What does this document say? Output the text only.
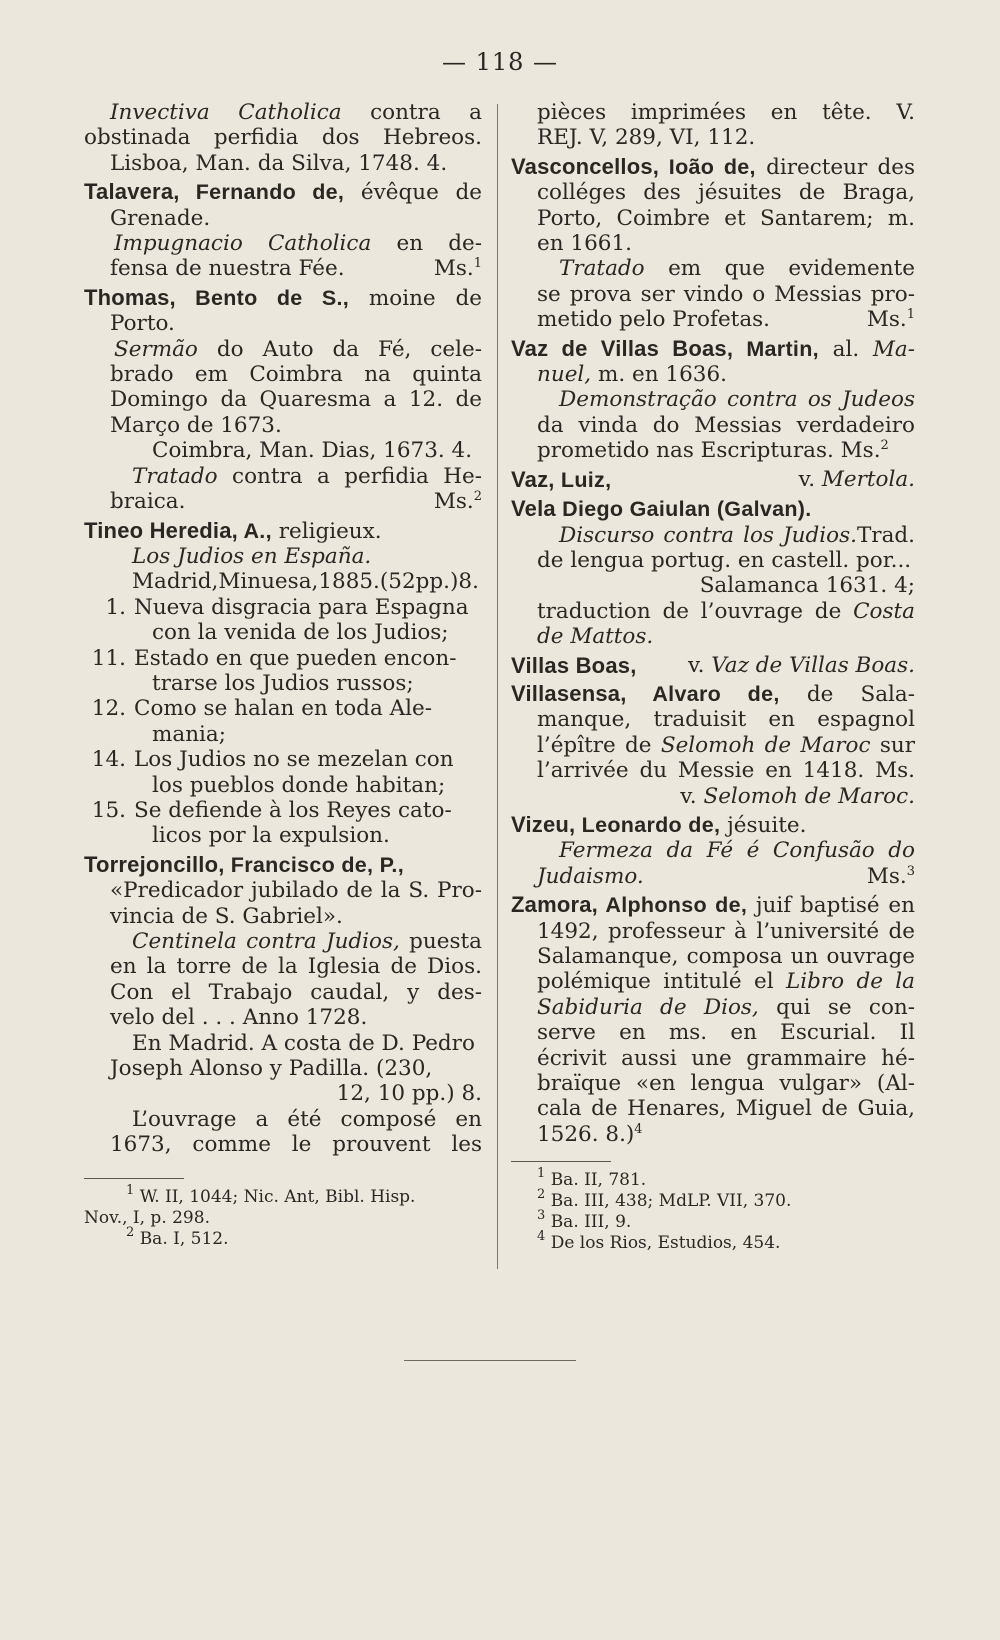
— 118 —
Invectiva Catholica contra a
obstinada perfidia dos Hebreos.
Lisboa, Man. da Silva, 1748. 4.
Talavera, Fernando de, évêque de
Grenade.
Impugnacio Catholica en de-
fensa de nuestra Fée.	Ms.$^1$
Thomas, Bento de S., moine de
Porto.
Sermão do Auto da Fé, cele-
brado em Coimbra na quinta
Domingo da Quaresma a 12. de
Março de 1673.
Coimbra, Man. Dias, 1673. 4.
Tratado contra a perfidia He-
braica.	Ms.$^2$
Tineo Heredia, A., religieux.
Los Judios en España.
Madrid,Minuesa,1885.(52pp.)8.
1. Nueva disgracia para Espagna
con la venida de los Judios;
11. Estado en que pueden encon-
trarse los Judios russos;
12. Como se halan en toda Ale-
mania;
14. Los Judios no se mezelan con
los pueblos donde habitan;
15. Se defiende à los Reyes cato-
licos por la expulsion.
Torrejoncillo, Francisco de, P.,
«Predicador jubilado de la S. Pro-
vincia de S. Gabriel».
Centinela contra Judios, puesta
en la torre de la Iglesia de Dios.
Con el Trabajo caudal, y des-
velo del . . . Anno 1728.
En Madrid. A costa de D. Pedro
Joseph Alonso y Padilla. (230,
12, 10 pp.) 8.
L’ouvrage a été composé en
1673, comme le prouvent les
$^1$ W. II, 1044; Nic. Ant, Bibl. Hisp.
Nov., I, p. 298.
$^2$ Ba. I, 512.
pièces imprimées en tête. V.
REJ. V, 289, VI, 112.
Vasconcellos, Ioão de, directeur des
colléges des jésuites de Braga,
Porto, Coimbre et Santarem; m.
en 1661.
Tratado em que evidemente
se prova ser vindo o Messias pro-
metido pelo Profetas.	Ms.$^1$
Vaz de Villas Boas, Martin, al. Ma-
nuel, m. en 1636.
Demonstração contra os Judeos
da vinda do Messias verdadeiro
prometido nas Escripturas. Ms.$^2$
Vaz, Luiz,	v. Mertola.
Vela Diego Gaiulan (Galvan).
Discurso contra los Judios.Trad.
de lengua portug. en castell. por...
Salamanca 1631. 4;
traduction de l’ouvrage de Costa
de Mattos.
Villas Boas, v. Vaz de Villas Boas.
Villasensa, Alvaro de, de Sala-
manque, traduisit en espagnol
l’épître de Selomoh de Maroc sur
l’arrivée du Messie en 1418. Ms.
v. Selomoh de Maroc.
Vizeu, Leonardo de, jésuite.
Fermeza da Fé é Confusão do
Judaismo.	Ms.$^3$
Zamora, Alphonso de, juif baptisé en
1492, professeur à l’université de
Salamanque, composa un ouvrage
polémique intitulé el Libro de la
Sabiduria de Dios, qui se con-
serve en ms. en Escurial. Il
écrivit aussi une grammaire hé-
braïque «en lengua vulgar» (Al-
cala de Henares, Miguel de Guia,
1526. 8.)$^4$
$^1$ Ba. II, 781.
$^2$ Ba. III, 438; MdLP. VII, 370.
$^3$ Ba. III, 9.
$^4$ De los Rios, Estudios, 454.
